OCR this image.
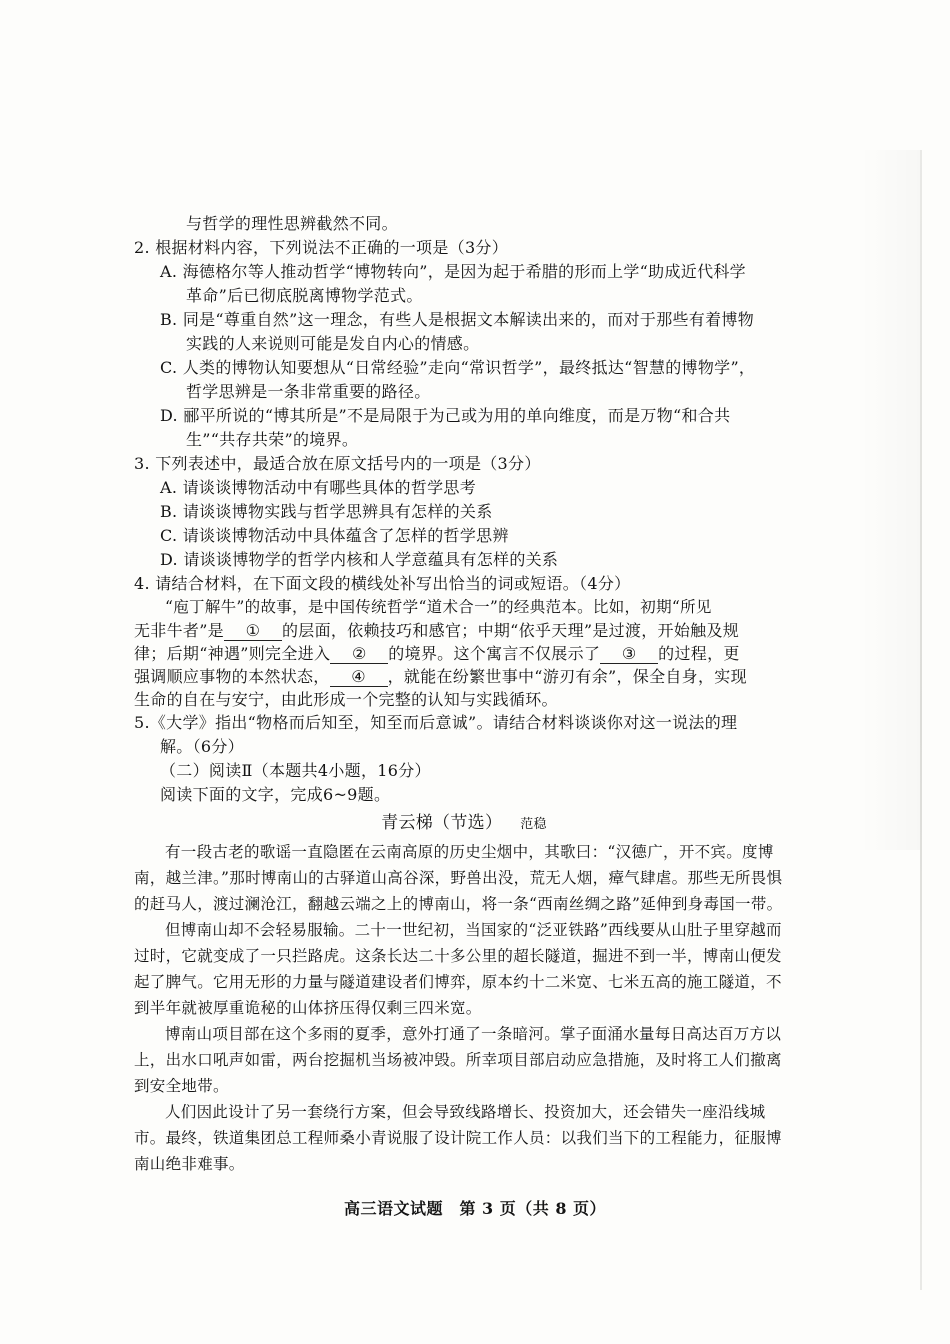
与哲学的理性思辨截然不同。

2. 根据材料内容，下列说法不正确的一项是（3分）

A. 海德格尔等人推动哲学“博物转向”，是因为起于希腊的形而上学“助成近代科学

革命”后已彻底脱离博物学范式。

B. 同是“尊重自然”这一理念，有些人是根据文本解读出来的，而对于那些有着博物

实践的人来说则可能是发自内心的情感。

C. 人类的博物认知要想从“日常经验”走向“常识哲学”，最终抵达“智慧的博物学”，

哲学思辨是一条非常重要的路径。

D. 郦平所说的“博其所是”不是局限于为己或为用的单向维度，而是万物“和合共

生”“共存共荣”的境界。

3. 下列表述中，最适合放在原文括号内的一项是（3分）

A. 请谈谈博物活动中有哪些具体的哲学思考

B. 请谈谈博物实践与哲学思辨具有怎样的关系

C. 请谈谈博物活动中具体蕴含了怎样的哲学思辨

D. 请谈谈博物学的哲学内核和人学意蕴具有怎样的关系

4. 请结合材料，在下面文段的横线处补写出恰当的词或短语。（4分）

“庖丁解牛”的故事，是中国传统哲学“道术合一”的经典范本。比如，初期“所见

无非牛者”是 ① 的层面，依赖技巧和感官；中期“依乎天理”是过渡，开始触及规

律；后期“神遇”则完全进入 ② 的境界。这个寓言不仅展示了 ③ 的过程，更

强调顺应事物的本然状态， ④ ，就能在纷繁世事中“游刃有余”，保全自身，实现

生命的自在与安宁，由此形成一个完整的认知与实践循环。

5.《大学》指出“物格而后知至，知至而后意诚”。请结合材料谈谈你对这一说法的理

解。（6分）

（二）阅读Ⅱ（本题共4小题，16分）

阅读下面的文字，完成6~9题。

青云梯（节选） 范稳

有一段古老的歌谣一直隐匿在云南高原的历史尘烟中，其歌曰：“汉德广，开不宾。度博南，越兰津。”那时博南山的古驿道山高谷深，野兽出没，荒无人烟，瘴气肆虐。那些无所畏惧的赶马人，渡过澜沧江，翻越云端之上的博南山，将一条“西南丝绸之路”延伸到身毒国一带。

但博南山却不会轻易服输。二十一世纪初，当国家的“泛亚铁路”西线要从山肚子里穿越而过时，它就变成了一只拦路虎。这条长达二十多公里的超长隧道，掘进不到一半，博南山便发起了脾气。它用无形的力量与隧道建设者们博弈，原本约十二米宽、七米五高的施工隧道，不到半年就被厚重诡秘的山体挤压得仅剩三四米宽。

博南山项目部在这个多雨的夏季，意外打通了一条暗河。掌子面涌水量每日高达百万方以上，出水口吼声如雷，两台挖掘机当场被冲毁。所幸项目部启动应急措施，及时将工人们撤离到安全地带。

人们因此设计了另一套绕行方案，但会导致线路增长、投资加大，还会错失一座沿线城市。最终，铁道集团总工程师桑小青说服了设计院工作人员：以我们当下的工程能力，征服博南山绝非难事。

高三语文试题　第 3 页（共 8 页）
